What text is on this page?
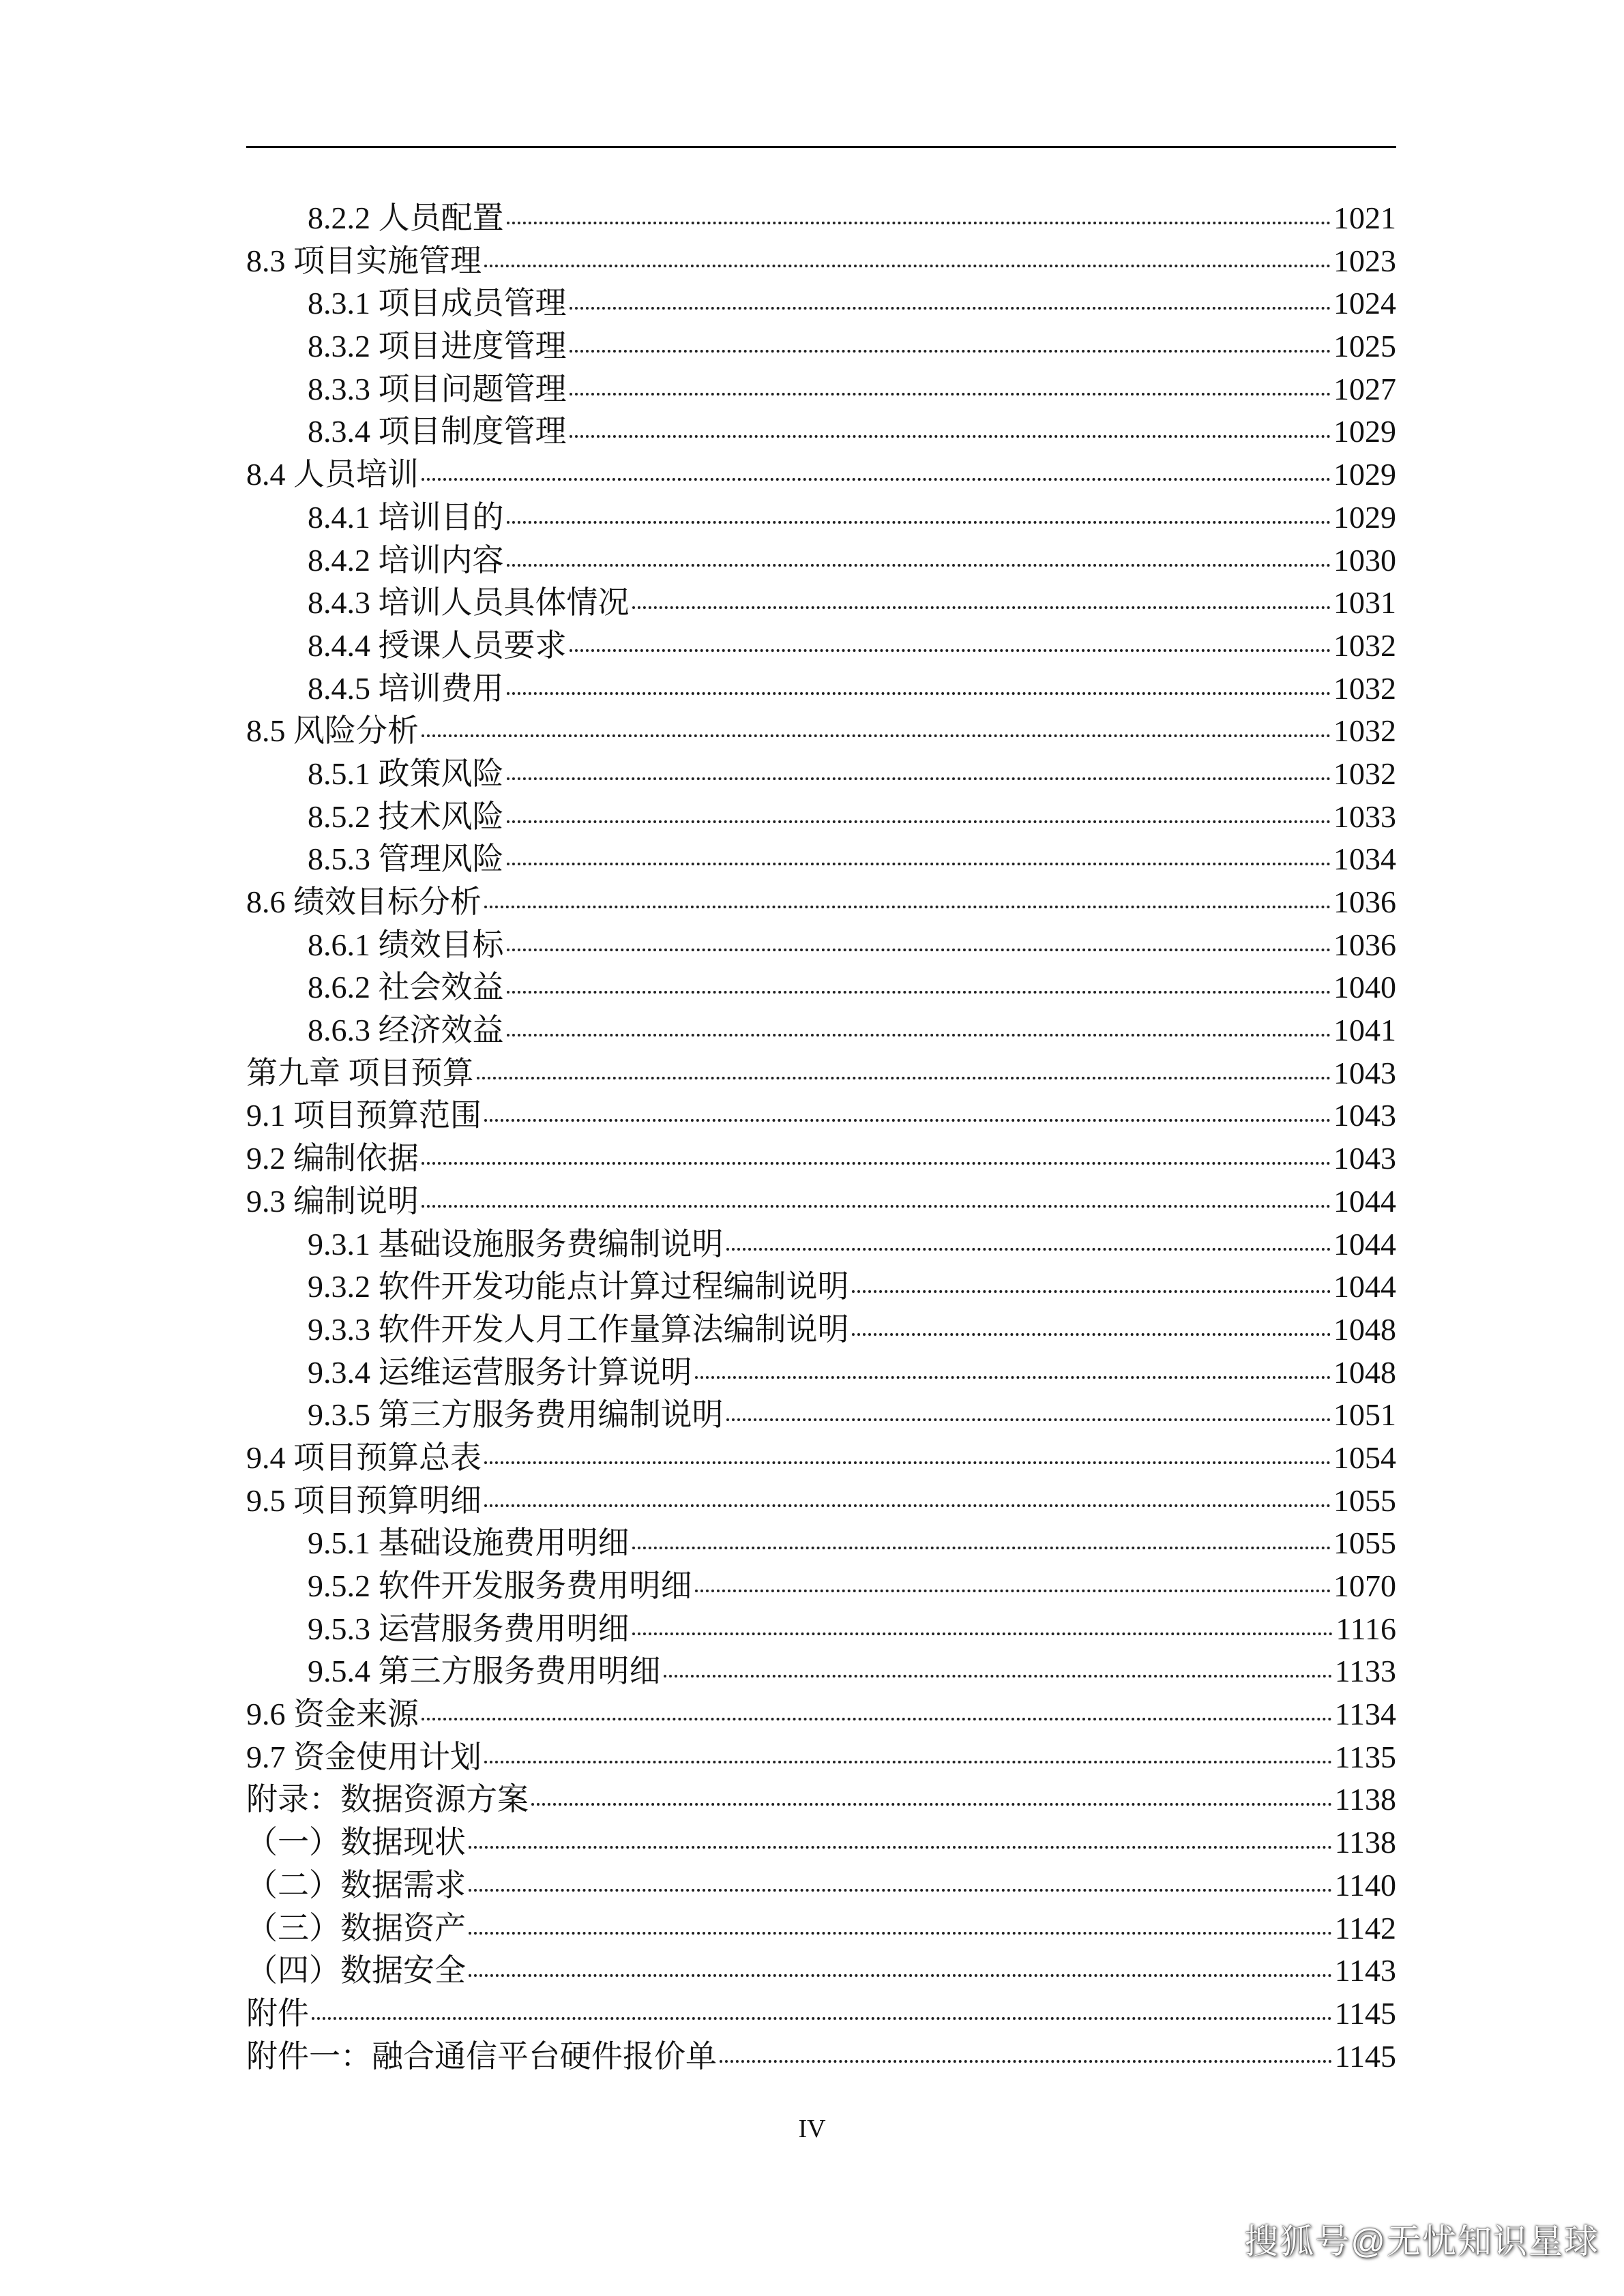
8.2.2 人员配置	1021
8.3 项目实施管理	1023
8.3.1 项目成员管理	1024
8.3.2 项目进度管理	1025
8.3.3 项目问题管理	1027
8.3.4 项目制度管理	1029
8.4 人员培训	1029
8.4.1 培训目的	1029
8.4.2 培训内容	1030
8.4.3 培训人员具体情况	1031
8.4.4 授课人员要求	1032
8.4.5 培训费用	1032
8.5 风险分析	1032
8.5.1 政策风险	1032
8.5.2 技术风险	1033
8.5.3 管理风险	1034
8.6 绩效目标分析	1036
8.6.1 绩效目标	1036
8.6.2 社会效益	1040
8.6.3 经济效益	1041
第九章 项目预算	1043
9.1 项目预算范围	1043
9.2 编制依据	1043
9.3 编制说明	1044
9.3.1 基础设施服务费编制说明	1044
9.3.2 软件开发功能点计算过程编制说明	1044
9.3.3 软件开发人月工作量算法编制说明	1048
9.3.4 运维运营服务计算说明	1048
9.3.5 第三方服务费用编制说明	1051
9.4 项目预算总表	1054
9.5 项目预算明细	1055
9.5.1 基础设施费用明细	1055
9.5.2 软件开发服务费用明细	1070
9.5.3 运营服务费用明细	1116
9.5.4 第三方服务费用明细	1133
9.6 资金来源	1134
9.7 资金使用计划	1135
附录：数据资源方案	1138
（一）数据现状	1138
（二）数据需求	1140
（三）数据资产	1142
（四）数据安全	1143
附件	1145
附件一：融合通信平台硬件报价单	1145
IV
搜狐号@无忧知识星球
